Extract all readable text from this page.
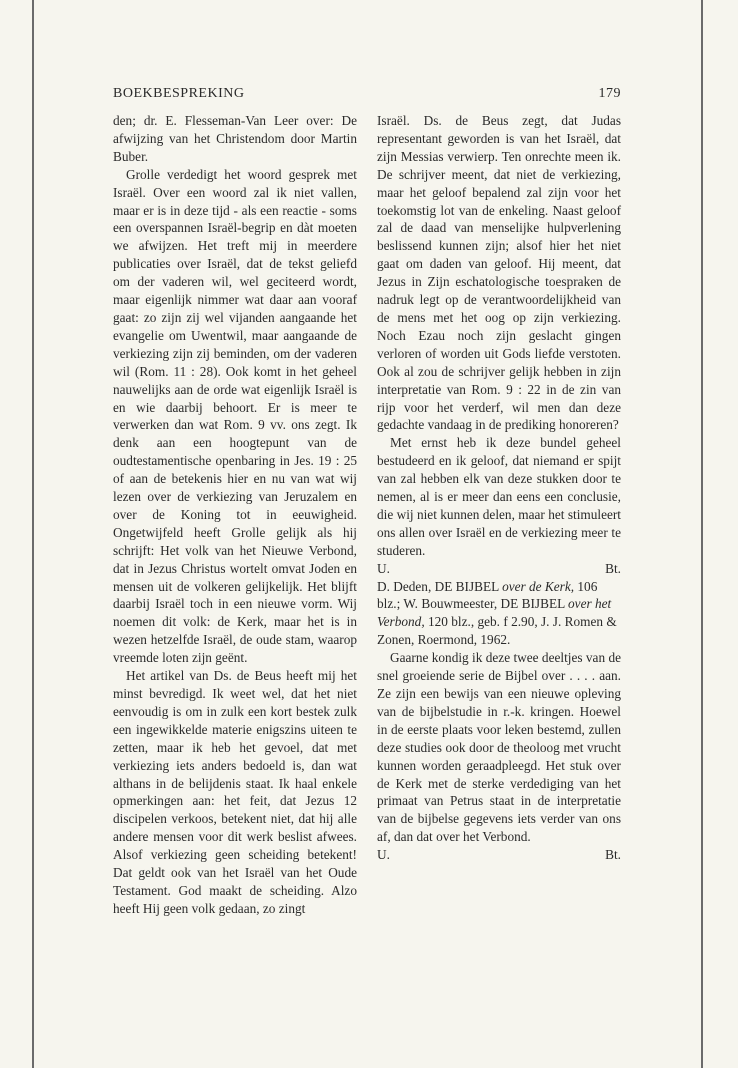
BOEKBESPREKING	179

den; dr. E. Flesseman-Van Leer over: De afwijzing van het Christendom door Martin Buber.

Grolle verdedigt het woord gesprek met Israël. Over een woord zal ik niet vallen, maar er is in deze tijd - als een reactie - soms een overspannen Israël-begrip en dàt moeten we afwijzen. Het treft mij in meerdere publicaties over Israël, dat de tekst geliefd om der vaderen wil, wel geciteerd wordt, maar eigenlijk nimmer wat daar aan vooraf gaat: zo zijn zij wel vijanden aangaande het evangelie om Uwentwil, maar aangaande de verkiezing zijn zij beminden, om der vaderen wil (Rom. 11 : 28). Ook komt in het geheel nauwelijks aan de orde wat eigenlijk Israël is en wie daarbij behoort. Er is meer te verwerken dan wat Rom. 9 vv. ons zegt. Ik denk aan een hoogtepunt van de oudtestamentische openbaring in Jes. 19 : 25 of aan de betekenis hier en nu van wat wij lezen over de verkiezing van Jeruzalem en over de Koning tot in eeuwigheid. Ongetwijfeld heeft Grolle gelijk als hij schrijft: Het volk van het Nieuwe Verbond, dat in Jezus Christus wortelt omvat Joden en mensen uit de volkeren gelijkelijk. Het blijft daarbij Israël toch in een nieuwe vorm. Wij noemen dit volk: de Kerk, maar het is in wezen hetzelfde Israël, de oude stam, waarop vreemde loten zijn geënt.

Het artikel van Ds. de Beus heeft mij het minst bevredigd. Ik weet wel, dat het niet eenvoudig is om in zulk een kort bestek zulk een ingewikkelde materie enigszins uiteen te zetten, maar ik heb het gevoel, dat met verkiezing iets anders bedoeld is, dan wat althans in de belijdenis staat. Ik haal enkele opmerkingen aan: het feit, dat Jezus 12 discipelen verkoos, betekent niet, dat hij alle andere mensen voor dit werk beslist afwees. Alsof verkiezing geen scheiding betekent! Dat geldt ook van het Israël van het Oude Testament. God maakt de scheiding. Alzo heeft Hij geen volk gedaan, zo zingt

Israël. Ds. de Beus zegt, dat Judas representant geworden is van het Israël, dat zijn Messias verwierp. Ten onrechte meen ik. De schrijver meent, dat niet de verkiezing, maar het geloof bepalend zal zijn voor het toekomstig lot van de enkeling. Naast geloof zal de daad van menselijke hulpverlening beslissend kunnen zijn; alsof hier het niet gaat om daden van geloof. Hij meent, dat Jezus in Zijn eschatologische toespraken de nadruk legt op de verantwoordelijkheid van de mens met het oog op zijn verkiezing. Noch Ezau noch zijn geslacht gingen verloren of worden uit Gods liefde verstoten. Ook al zou de schrijver gelijk hebben in zijn interpretatie van Rom. 9 : 22 in de zin van rijp voor het verderf, wil men dan deze gedachte vandaag in de prediking honoreren?

Met ernst heb ik deze bundel geheel bestudeerd en ik geloof, dat niemand er spijt van zal hebben elk van deze stukken door te nemen, al is er meer dan eens een conclusie, die wij niet kunnen delen, maar het stimuleert ons allen over Israël en de verkiezing meer te studeren.

U.	Bt.

D. Deden, DE BIJBEL over de Kerk, 106 blz.; W. Bouwmeester, DE BIJBEL over het Verbond, 120 blz., geb. f 2.90, J. J. Romen & Zonen, Roermond, 1962.

Gaarne kondig ik deze twee deeltjes van de snel groeiende serie de Bijbel over . . . . aan. Ze zijn een bewijs van een nieuwe opleving van de bijbelstudie in r.-k. kringen. Hoewel in de eerste plaats voor leken bestemd, zullen deze studies ook door de theoloog met vrucht kunnen worden geraadpleegd. Het stuk over de Kerk met de sterke verdediging van het primaat van Petrus staat in de interpretatie van de bijbelse gegevens iets verder van ons af, dan dat over het Verbond.

U.	Bt.
